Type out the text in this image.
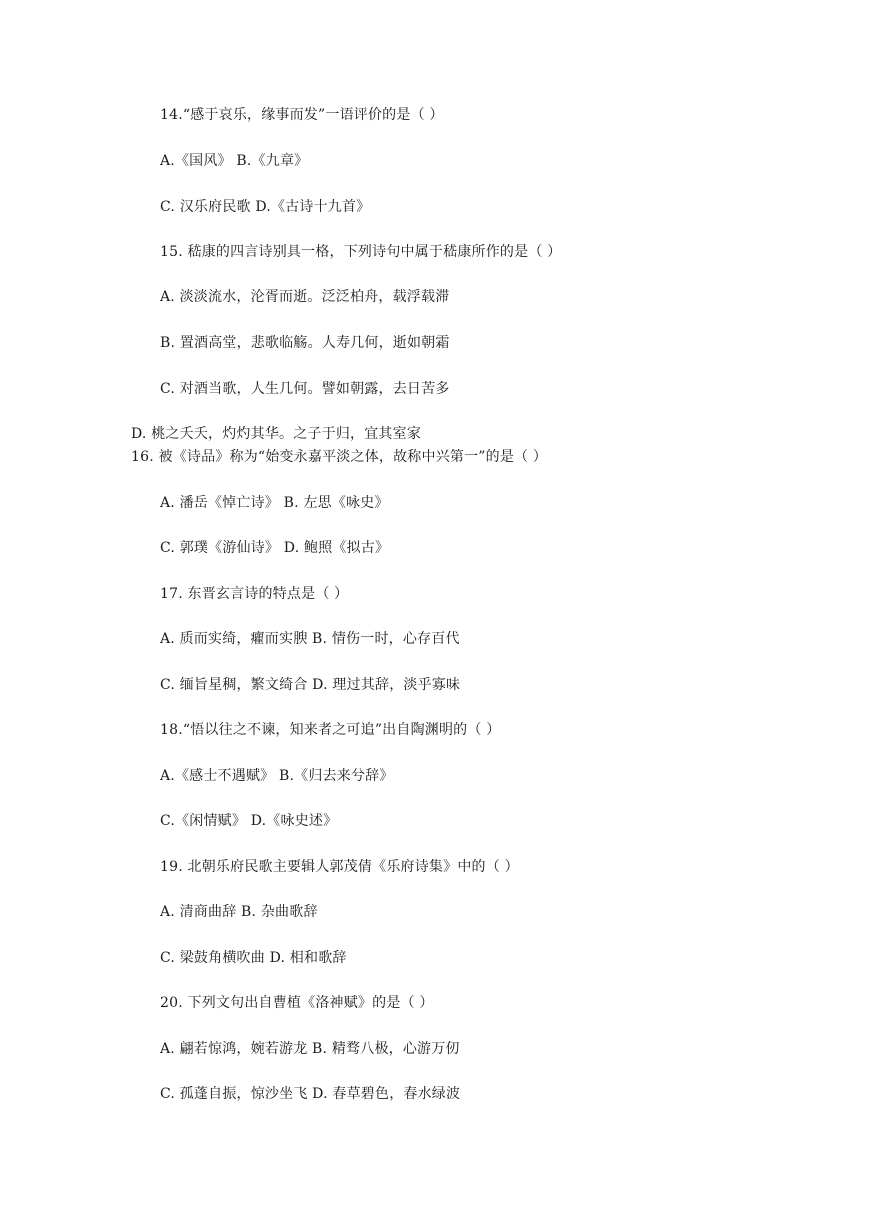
14.“感于哀乐，缘事而发”一语评价的是（ ）
A.《国风》 B.《九章》
C. 汉乐府民歌 D.《古诗十九首》
15. 嵇康的四言诗别具一格，下列诗句中属于嵇康所作的是（ ）
A. 淡淡流水，沦胥而逝。泛泛柏舟，载浮载滞
B. 置酒高堂，悲歌临觞。人寿几何，逝如朝霜
C. 对酒当歌，人生几何。譬如朝露，去日苦多
D. 桃之夭夭，灼灼其华。之子于归，宜其室家
16. 被《诗品》称为“始变永嘉平淡之体，故称中兴第一”的是（ ）
A. 潘岳《悼亡诗》 B. 左思《咏史》
C. 郭璞《游仙诗》 D. 鲍照《拟古》
17. 东晋玄言诗的特点是（ ）
A. 质而实绮，癯而实腴 B. 情伤一时，心存百代
C. 缅旨星稠，繁文绮合 D. 理过其辞，淡乎寡味
18.“悟以往之不谏，知来者之可追”出自陶渊明的（ ）
A.《感士不遇赋》 B.《归去来兮辞》
C.《闲情赋》 D.《咏史述》
19. 北朝乐府民歌主要辑人郭茂倩《乐府诗集》中的（ ）
A. 清商曲辞 B. 杂曲歌辞
C. 梁鼓角横吹曲 D. 相和歌辞
20. 下列文句出自曹植《洛神赋》的是（ ）
A. 翩若惊鸿，婉若游龙 B. 精骛八极，心游万仞
C. 孤蓬自振，惊沙坐飞 D. 春草碧色，春水绿波
